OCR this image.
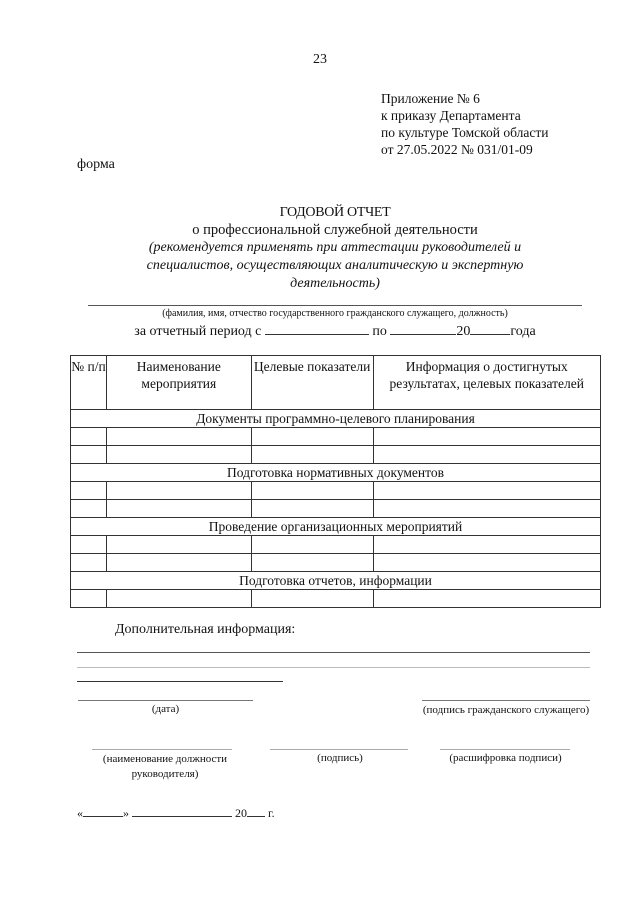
23
Приложение № 6
к приказу Департамента
по культуре Томской области
от 27.05.2022 № 031/01-09
форма
ГОДОВОЙ ОТЧЕТ
о профессиональной служебной деятельности
(рекомендуется применять при аттестации руководителей и
специалистов, осуществляющих аналитическую и экспертную
деятельность)
(фамилия, имя, отчество государственного гражданского служащего, должность)
за отчетный период с	по	20	года
№ п/п	Наименование мероприятия	Целевые показатели	Информация о достигнутых результатах, целевых показателей
Документы программно-целевого планирования			

Подготовка нормативных документов			

Проведение организационных мероприятий			

Подготовка отчетов, информации			

Дополнительная информация:
(дата)	(подпись гражданского служащего)
(наименование должности руководителя)
(подпись)	(расшифровка подписи)
«	»	20 г.
